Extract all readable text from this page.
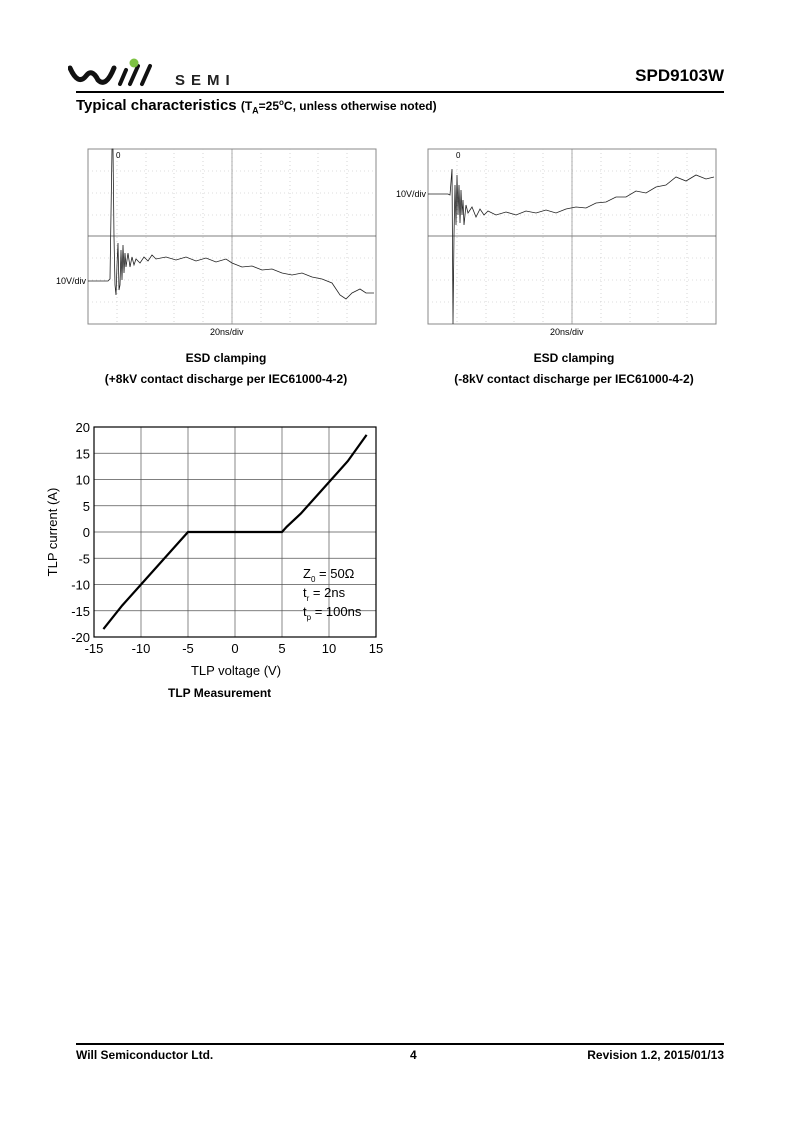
SEMI	SPD9103W
Typical characteristics ($T_A=25^oC$, unless otherwise noted)
0
10V/div
20ns/div
ESD clamping
(+8kV contact discharge per IEC61000-4-2)
0
10V/div
20ns/div
ESD clamping
(-8kV contact discharge per IEC61000-4-2)
-15 -10 -5	0	5	10	15
20
15
10
5
0
-5
-10
-15
-20
TLP voltage (V)
TLP current (A)	$Z_0 = 50\Omega$
$t_r = 2ns$
$t_p = 100ns$
TLP Measurement
Will Semiconductor Ltd.	4	Revision 1.2, 2015/01/13
